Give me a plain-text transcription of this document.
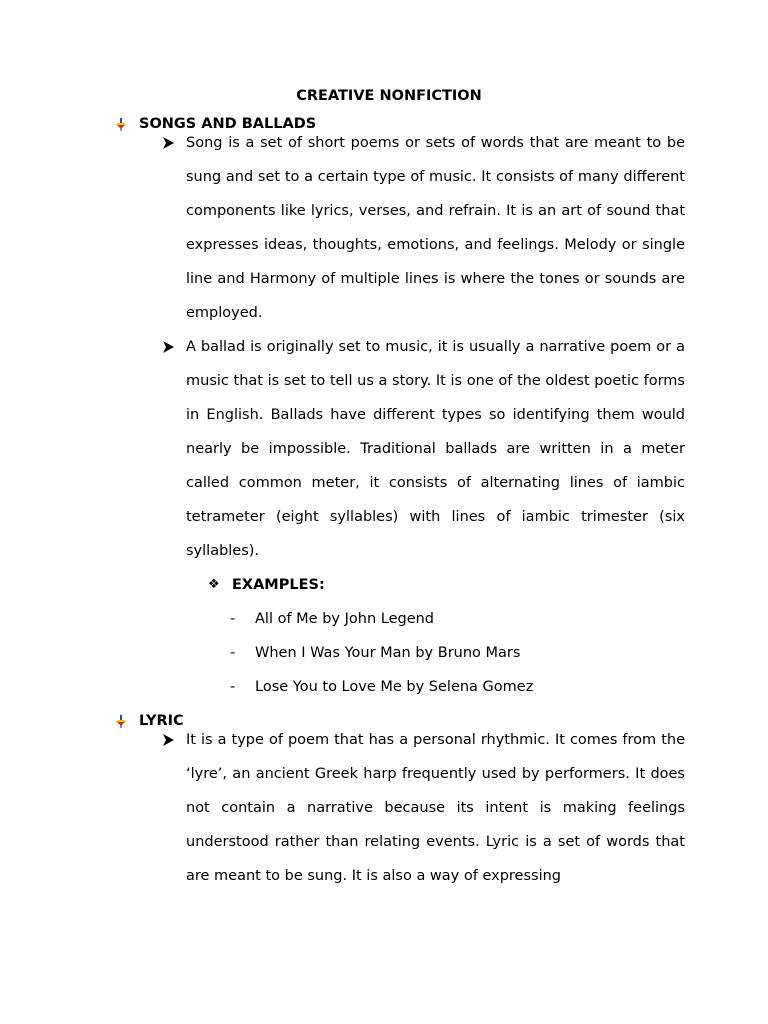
CREATIVE NONFICTION
SONGS AND BALLADS
Song is a set of short poems or sets of words that are meant to be sung and set to a certain type of music. It consists of many different components like lyrics, verses, and refrain. It is an art of sound that expresses ideas, thoughts, emotions, and feelings. Melody or single line and Harmony of multiple lines is where the tones or sounds are employed.
A ballad is originally set to music, it is usually a narrative poem or a music that is set to tell us a story. It is one of the oldest poetic forms in English. Ballads have different types so identifying them would nearly be impossible. Traditional ballads are written in a meter called common meter, it consists of alternating lines of iambic tetrameter (eight syllables) with lines of iambic trimester (six syllables).
❖ EXAMPLES:
-	All of Me by John Legend
-	When I Was Your Man by Bruno Mars
-	Lose You to Love Me by Selena Gomez
LYRIC
It is a type of poem that has a personal rhythmic. It comes from the ‘lyre’, an ancient Greek harp frequently used by performers. It does not contain a narrative because its intent is making feelings understood rather than relating events. Lyric is a set of words that are meant to be sung. It is also a way of expressing
